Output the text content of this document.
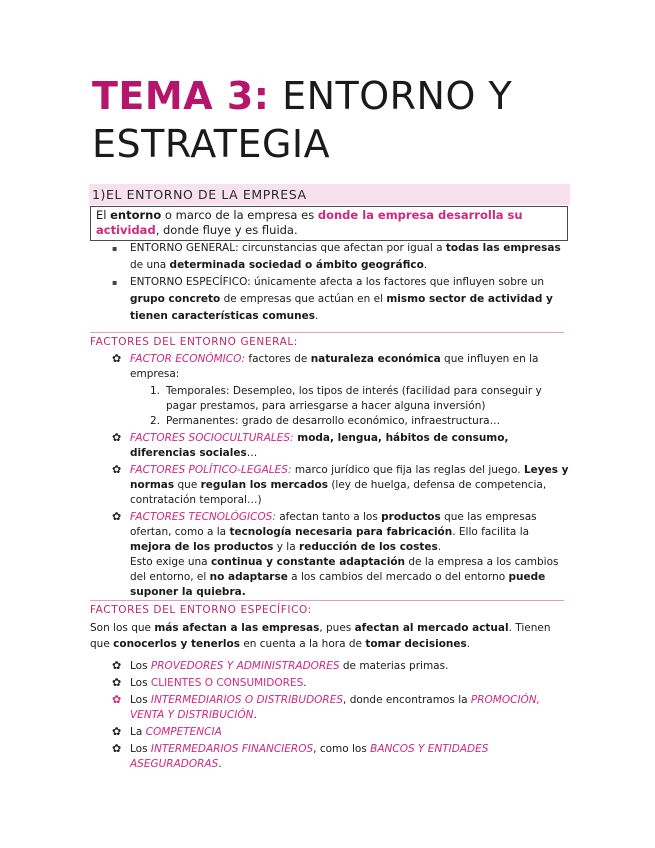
TEMA 3: ENTORNO Y ESTRATEGIA
1)EL ENTORNO DE LA EMPRESA
El entorno o marco de la empresa es donde la empresa desarrolla su actividad, donde fluye y es fluida.
▪ ENTORNO GENERAL: circunstancias que afectan por igual a todas las empresas de una determinada sociedad o ámbito geográfico.
▪ ENTORNO ESPECÍFICO: únicamente afecta a los factores que influyen sobre un grupo concreto de empresas que actúan en el mismo sector de actividad y tienen características comunes.
FACTORES DEL ENTORNO GENERAL:
✿ FACTOR ECONÓMICO: factores de naturaleza económica que influyen en la empresa:
1. Temporales: Desempleo, los tipos de interés (facilidad para conseguir y pagar prestamos, para arriesgarse a hacer alguna inversión)
2. Permanentes: grado de desarrollo económico, infraestructura…
✿ FACTORES SOCIOCULTURALES: moda, lengua, hábitos de consumo, diferencias sociales…
✿ FACTORES POLÍTICO-LEGALES: marco jurídico que fija las reglas del juego. Leyes y normas que regulan los mercados (ley de huelga, defensa de competencia, contratación temporal…)
✿ FACTORES TECNOLÓGICOS: afectan tanto a los productos que las empresas ofertan, como a la tecnología necesaria para fabricación. Ello facilita la mejora de los productos y la reducción de los costes.
Esto exige una continua y constante adaptación de la empresa a los cambios del entorno, el no adaptarse a los cambios del mercado o del entorno puede suponer la quiebra.
FACTORES DEL ENTORNO ESPECÍFICO:
Son los que más afectan a las empresas, pues afectan al mercado actual. Tienen que conocerlos y tenerlos en cuenta a la hora de tomar decisiones.
✿ Los PROVEDORES Y ADMINISTRADORES de materias primas.
✿ Los CLIENTES O CONSUMIDORES.
✿ Los INTERMEDIARIOS O DISTRIBUDORES, donde encontramos la PROMOCIÓN, VENTA Y DISTRIBUCIÓN.
✿ La COMPETENCIA
✿ Los INTERMEDARIOS FINANCIEROS, como los BANCOS Y ENTIDADES ASEGURADORAS.
